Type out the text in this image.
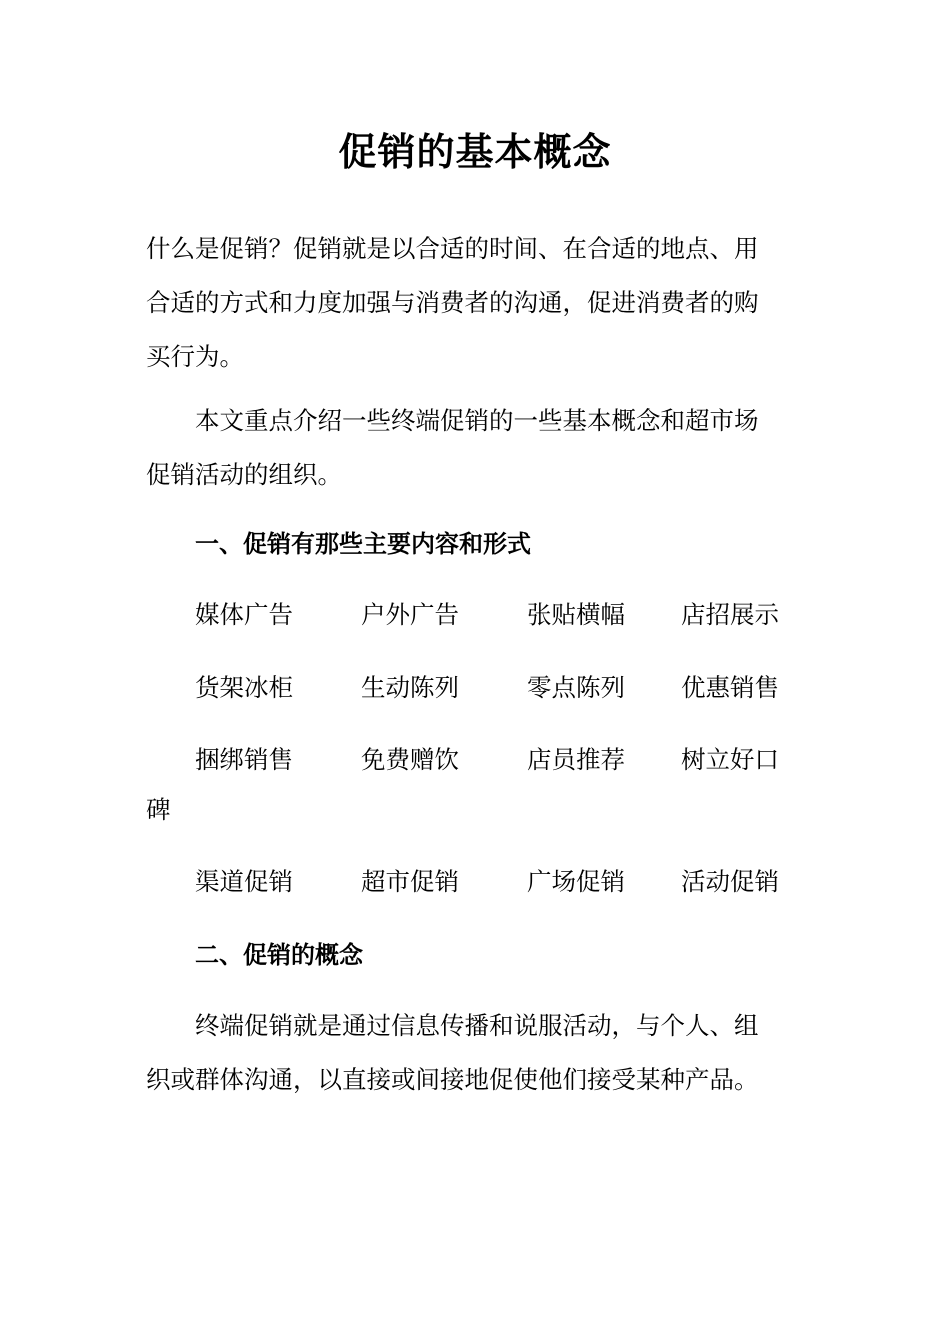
促销的基本概念

什么是促销？促销就是以合适的时间、在合适的地点、用
合适的方式和力度加强与消费者的沟通，促进消费者的购
买行为。

本文重点介绍一些终端促销的一些基本概念和超市场
促销活动的组织。

一、促销有那些主要内容和形式
媒体广告	户外广告	张贴横幅 店招展示
货架冰柜	生动陈列	零点陈列 优惠销售
捆绑销售	免费赠饮	店员推荐 树立好口
碑
渠道促销	超市促销	广场促销 活动促销
二、促销的概念

终端促销就是通过信息传播和说服活动，与个人、组
织或群体沟通，以直接或间接地促使他们接受某种产品。
